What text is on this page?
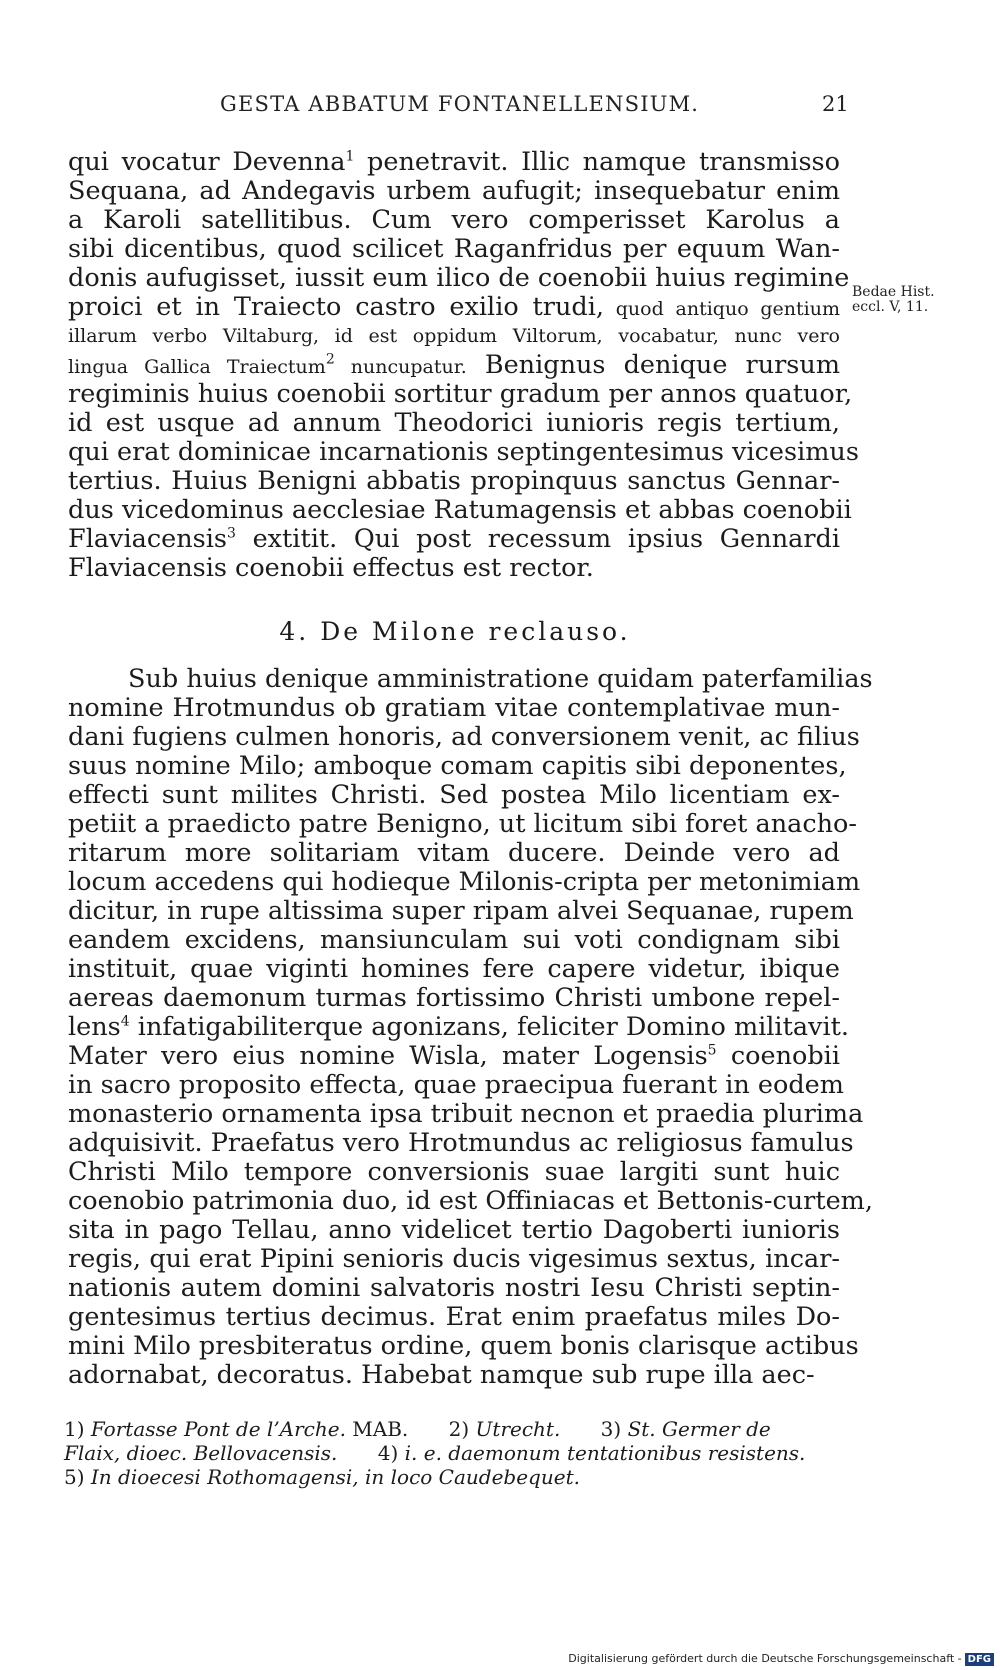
GESTA ABBATUM FONTANELLENSIUM.	21
qui vocatur Devenna$^1$ penetravit. Illic namque transmisso
Sequana, ad Andegavis urbem aufugit; insequebatur enim
a Karoli satellitibus. Cum vero comperisset Karolus a
sibi dicentibus, quod scilicet Raganfridus per equum Wan-
donis aufugisset, iussit eum ilico de coenobii huius regimine
proici et in Traiecto castro exilio trudi, quod antiquo gentium
illarum verbo Viltaburg, id est oppidum Viltorum, vocabatur, nunc vero
lingua Gallica Traiectum$^2$ nuncupatur. Benignus denique rursum
regiminis huius coenobii sortitur gradum per annos quatuor,
id est usque ad annum Theodorici iunioris regis tertium,
qui erat dominicae incarnationis septingentesimus vicesimus
tertius. Huius Benigni abbatis propinquus sanctus Gennar-
dus vicedominus aecclesiae Ratumagensis et abbas coenobii
Flaviacensis$^3$ extitit. Qui post recessum ipsius Gennardi
Flaviacensis coenobii effectus est rector.
Bedae Hist.
eccl. V, 11.
4. De Milone reclauso.
Sub huius denique amministratione quidam paterfamilias
nomine Hrotmundus ob gratiam vitae contemplativae mun-
dani fugiens culmen honoris, ad conversionem venit, ac filius
suus nomine Milo; amboque comam capitis sibi deponentes,
effecti sunt milites Christi. Sed postea Milo licentiam ex-
petiit a praedicto patre Benigno, ut licitum sibi foret anacho-
ritarum more solitariam vitam ducere. Deinde vero ad
locum accedens qui hodieque Milonis-cripta per metonimiam
dicitur, in rupe altissima super ripam alvei Sequanae, rupem
eandem excidens, mansiunculam sui voti condignam sibi
instituit, quae viginti homines fere capere videtur, ibique
aereas daemonum turmas fortissimo Christi umbone repel-
lens$^4$ infatigabiliterque agonizans, feliciter Domino militavit.
Mater vero eius nomine Wisla, mater Logensis$^5$ coenobii
in sacro proposito effecta, quae praecipua fuerant in eodem
monasterio ornamenta ipsa tribuit necnon et praedia plurima
adquisivit. Praefatus vero Hrotmundus ac religiosus famulus
Christi Milo tempore conversionis suae largiti sunt huic
coenobio patrimonia duo, id est Offiniacas et Bettonis-curtem,
sita in pago Tellau, anno videlicet tertio Dagoberti iunioris
regis, qui erat Pipini senioris ducis vigesimus sextus, incar-
nationis autem domini salvatoris nostri Iesu Christi septin-
gentesimus tertius decimus. Erat enim praefatus miles Do-
mini Milo presbiteratus ordine, quem bonis clarisque actibus
adornabat, decoratus. Habebat namque sub rupe illa aec-
1) Fortasse Pont de l’Arche. MAB. 2) Utrecht. 3) St. Germer de
Flaix, dioec. Bellovacensis. 4) i. e. daemonum tentationibus resistens.
5) In dioecesi Rothomagensi, in loco Caudebequet.
Digitalisierung gefördert durch die Deutsche Forschungsgemeinschaft - DFG
